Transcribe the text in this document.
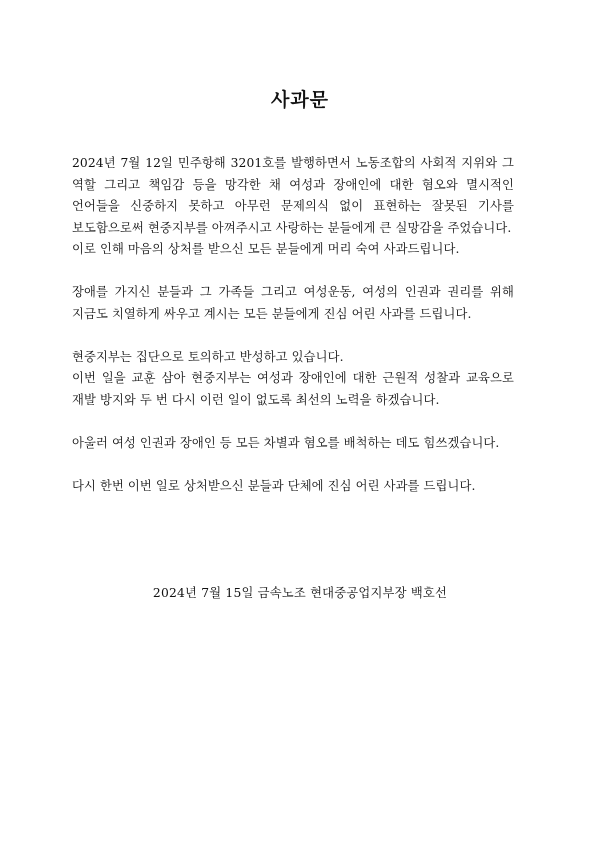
사과문

2024년 7월 12일 민주항해 3201호를 발행하면서 노동조합의 사회적 지위와 그 역할 그리고 책임감 등을 망각한 채 여성과 장애인에 대한 혐오와 멸시적인 언어들을 신중하지 못하고 아무런 문제의식 없이 표현하는 잘못된 기사를 보도함으로써 현중지부를 아껴주시고 사랑하는 분들에게 큰 실망감을 주었습니다.

이로 인해 마음의 상처를 받으신 모든 분들에게 머리 숙여 사과드립니다.

장애를 가지신 분들과 그 가족들 그리고 여성운동, 여성의 인권과 권리를 위해 지금도 치열하게 싸우고 계시는 모든 분들에게 진심 어린 사과를 드립니다.

현중지부는 집단으로 토의하고 반성하고 있습니다.

이번 일을 교훈 삼아 현중지부는 여성과 장애인에 대한 근원적 성찰과 교육으로 재발 방지와 두 번 다시 이런 일이 없도록 최선의 노력을 하겠습니다.

아울러 여성 인권과 장애인 등 모든 차별과 혐오를 배척하는 데도 힘쓰겠습니다.

다시 한번 이번 일로 상처받으신 분들과 단체에 진심 어린 사과를 드립니다.

2024년 7월 15일 금속노조 현대중공업지부장 백호선
